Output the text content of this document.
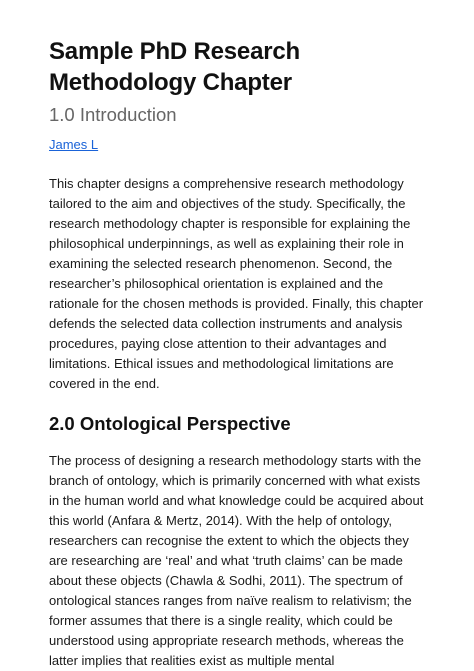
Sample PhD Research Methodology Chapter
1.0 Introduction
James L

This chapter designs a comprehensive research methodology tailored to the aim and objectives of the study. Specifically, the research methodology chapter is responsible for explaining the philosophical underpinnings, as well as explaining their role in examining the selected research phenomenon. Second, the researcher’s philosophical orientation is explained and the rationale for the chosen methods is provided. Finally, this chapter defends the selected data collection instruments and analysis procedures, paying close attention to their advantages and limitations. Ethical issues and methodological limitations are covered in the end.

2.0 Ontological Perspective

The process of designing a research methodology starts with the branch of ontology, which is primarily concerned with what exists in the human world and what knowledge could be acquired about this world (Anfara & Mertz, 2014). With the help of ontology, researchers can recognise the extent to which the objects they are researching are ‘real’ and what ‘truth claims’ can be made about these objects (Chawla & Sodhi, 2011). The spectrum of ontological stances ranges from naïve realism to relativism; the former assumes that there is a single reality, which could be understood using appropriate research methods, whereas the latter implies that realities exist as multiple mental
